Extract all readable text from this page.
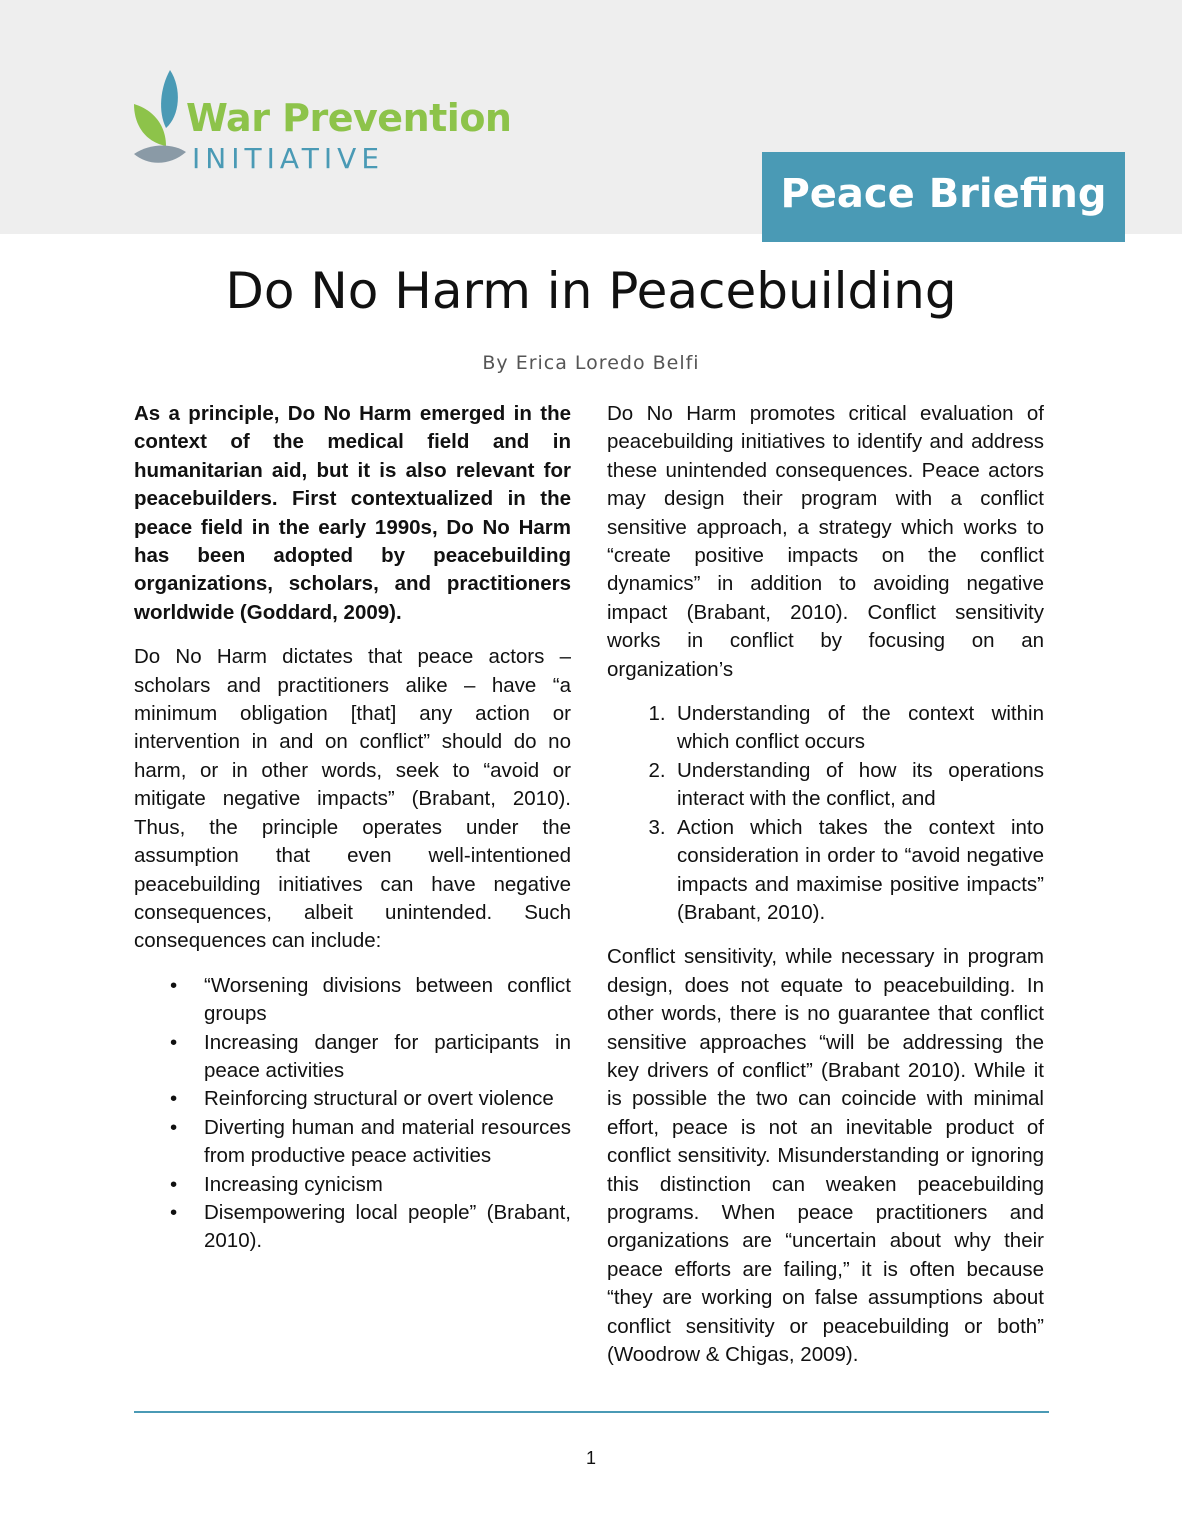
War Prevention
INITIATIVE
Peace Briefing
Do No Harm in Peacebuilding
By Erica Loredo Belfi

As a principle, Do No Harm emerged in the context of the medical field and in humanitarian aid, but it is also relevant for peacebuilders. First contextualized in the peace field in the early 1990s, Do No Harm has been adopted by peacebuilding organizations, scholars, and practitioners worldwide (Goddard, 2009).

Do No Harm dictates that peace actors – scholars and practitioners alike – have “a minimum obligation [that] any action or intervention in and on conflict” should do no harm, or in other words, seek to “avoid or mitigate negative impacts” (Brabant, 2010). Thus, the principle operates under the assumption that even well-intentioned peacebuilding initiatives can have negative consequences, albeit unintended. Such consequences can include:

• “Worsening divisions between conflict groups
• Increasing danger for participants in peace activities
• Reinforcing structural or overt violence
• Diverting human and material resources from productive peace activities
• Increasing cynicism
• Disempowering local people” (Brabant, 2010).

Do No Harm promotes critical evaluation of peacebuilding initiatives to identify and address these unintended consequences. Peace actors may design their program with a conflict sensitive approach, a strategy which works to “create positive impacts on the conflict dynamics” in addition to avoiding negative impact (Brabant, 2010). Conflict sensitivity works in conflict by focusing on an organization’s

1. Understanding of the context within which conflict occurs
2. Understanding of how its operations interact with the conflict, and
3. Action which takes the context into consideration in order to “avoid negative impacts and maximise positive impacts” (Brabant, 2010).

Conflict sensitivity, while necessary in program design, does not equate to peacebuilding. In other words, there is no guarantee that conflict sensitive approaches “will be addressing the key drivers of conflict” (Brabant 2010). While it is possible the two can coincide with minimal effort, peace is not an inevitable product of conflict sensitivity. Misunderstanding or ignoring this distinction can weaken peacebuilding programs. When peace practitioners and organizations are “uncertain about why their peace efforts are failing,” it is often because “they are working on false assumptions about conflict sensitivity or peacebuilding or both” (Woodrow & Chigas, 2009).

1
